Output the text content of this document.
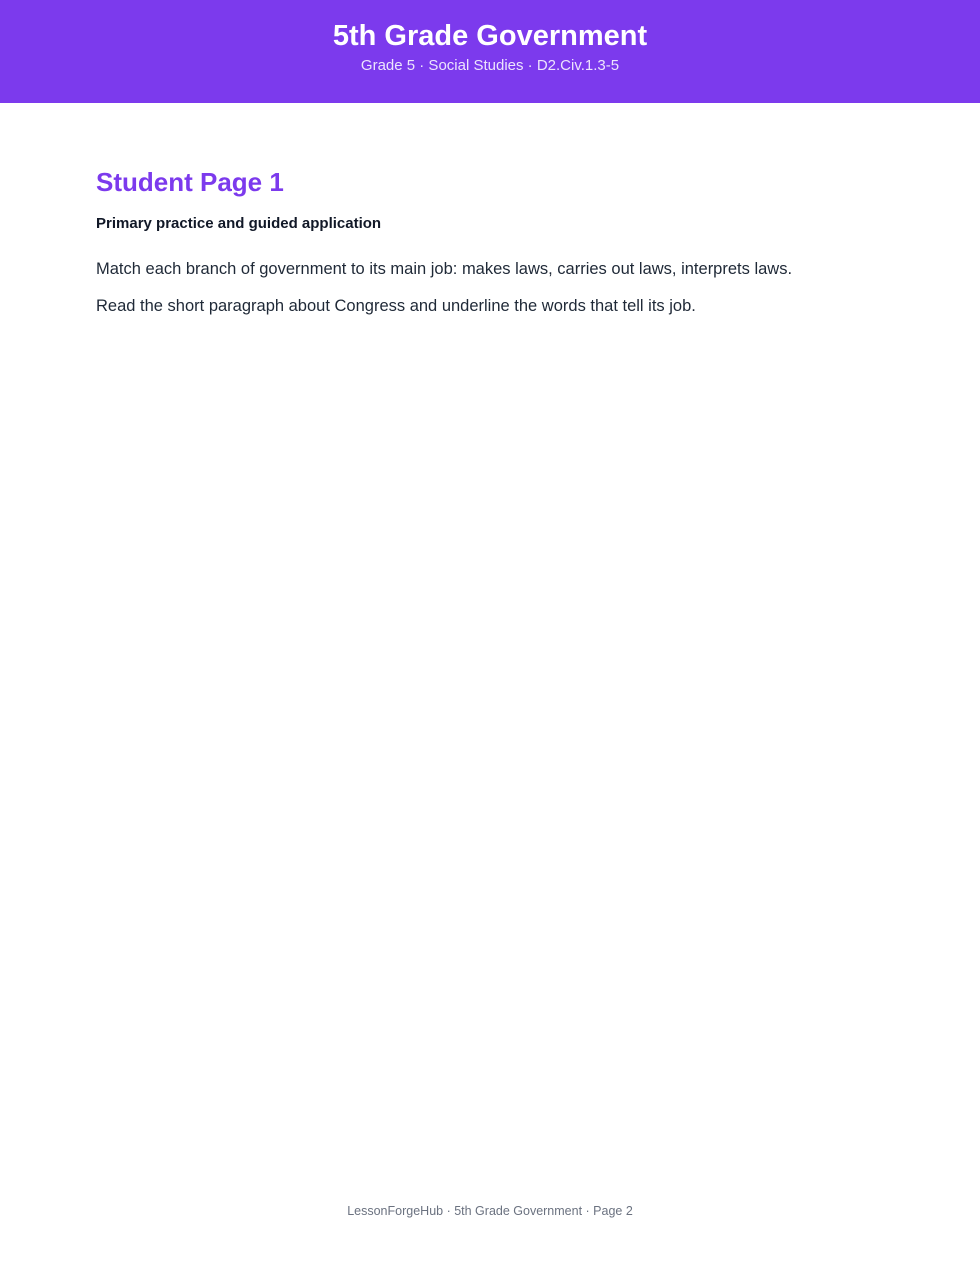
5th Grade Government
Grade 5 · Social Studies · D2.Civ.1.3-5
Student Page 1
Primary practice and guided application

Match each branch of government to its main job: makes laws, carries out laws, interprets laws.

Read the short paragraph about Congress and underline the words that tell its job.

LessonForgeHub · 5th Grade Government · Page 2
